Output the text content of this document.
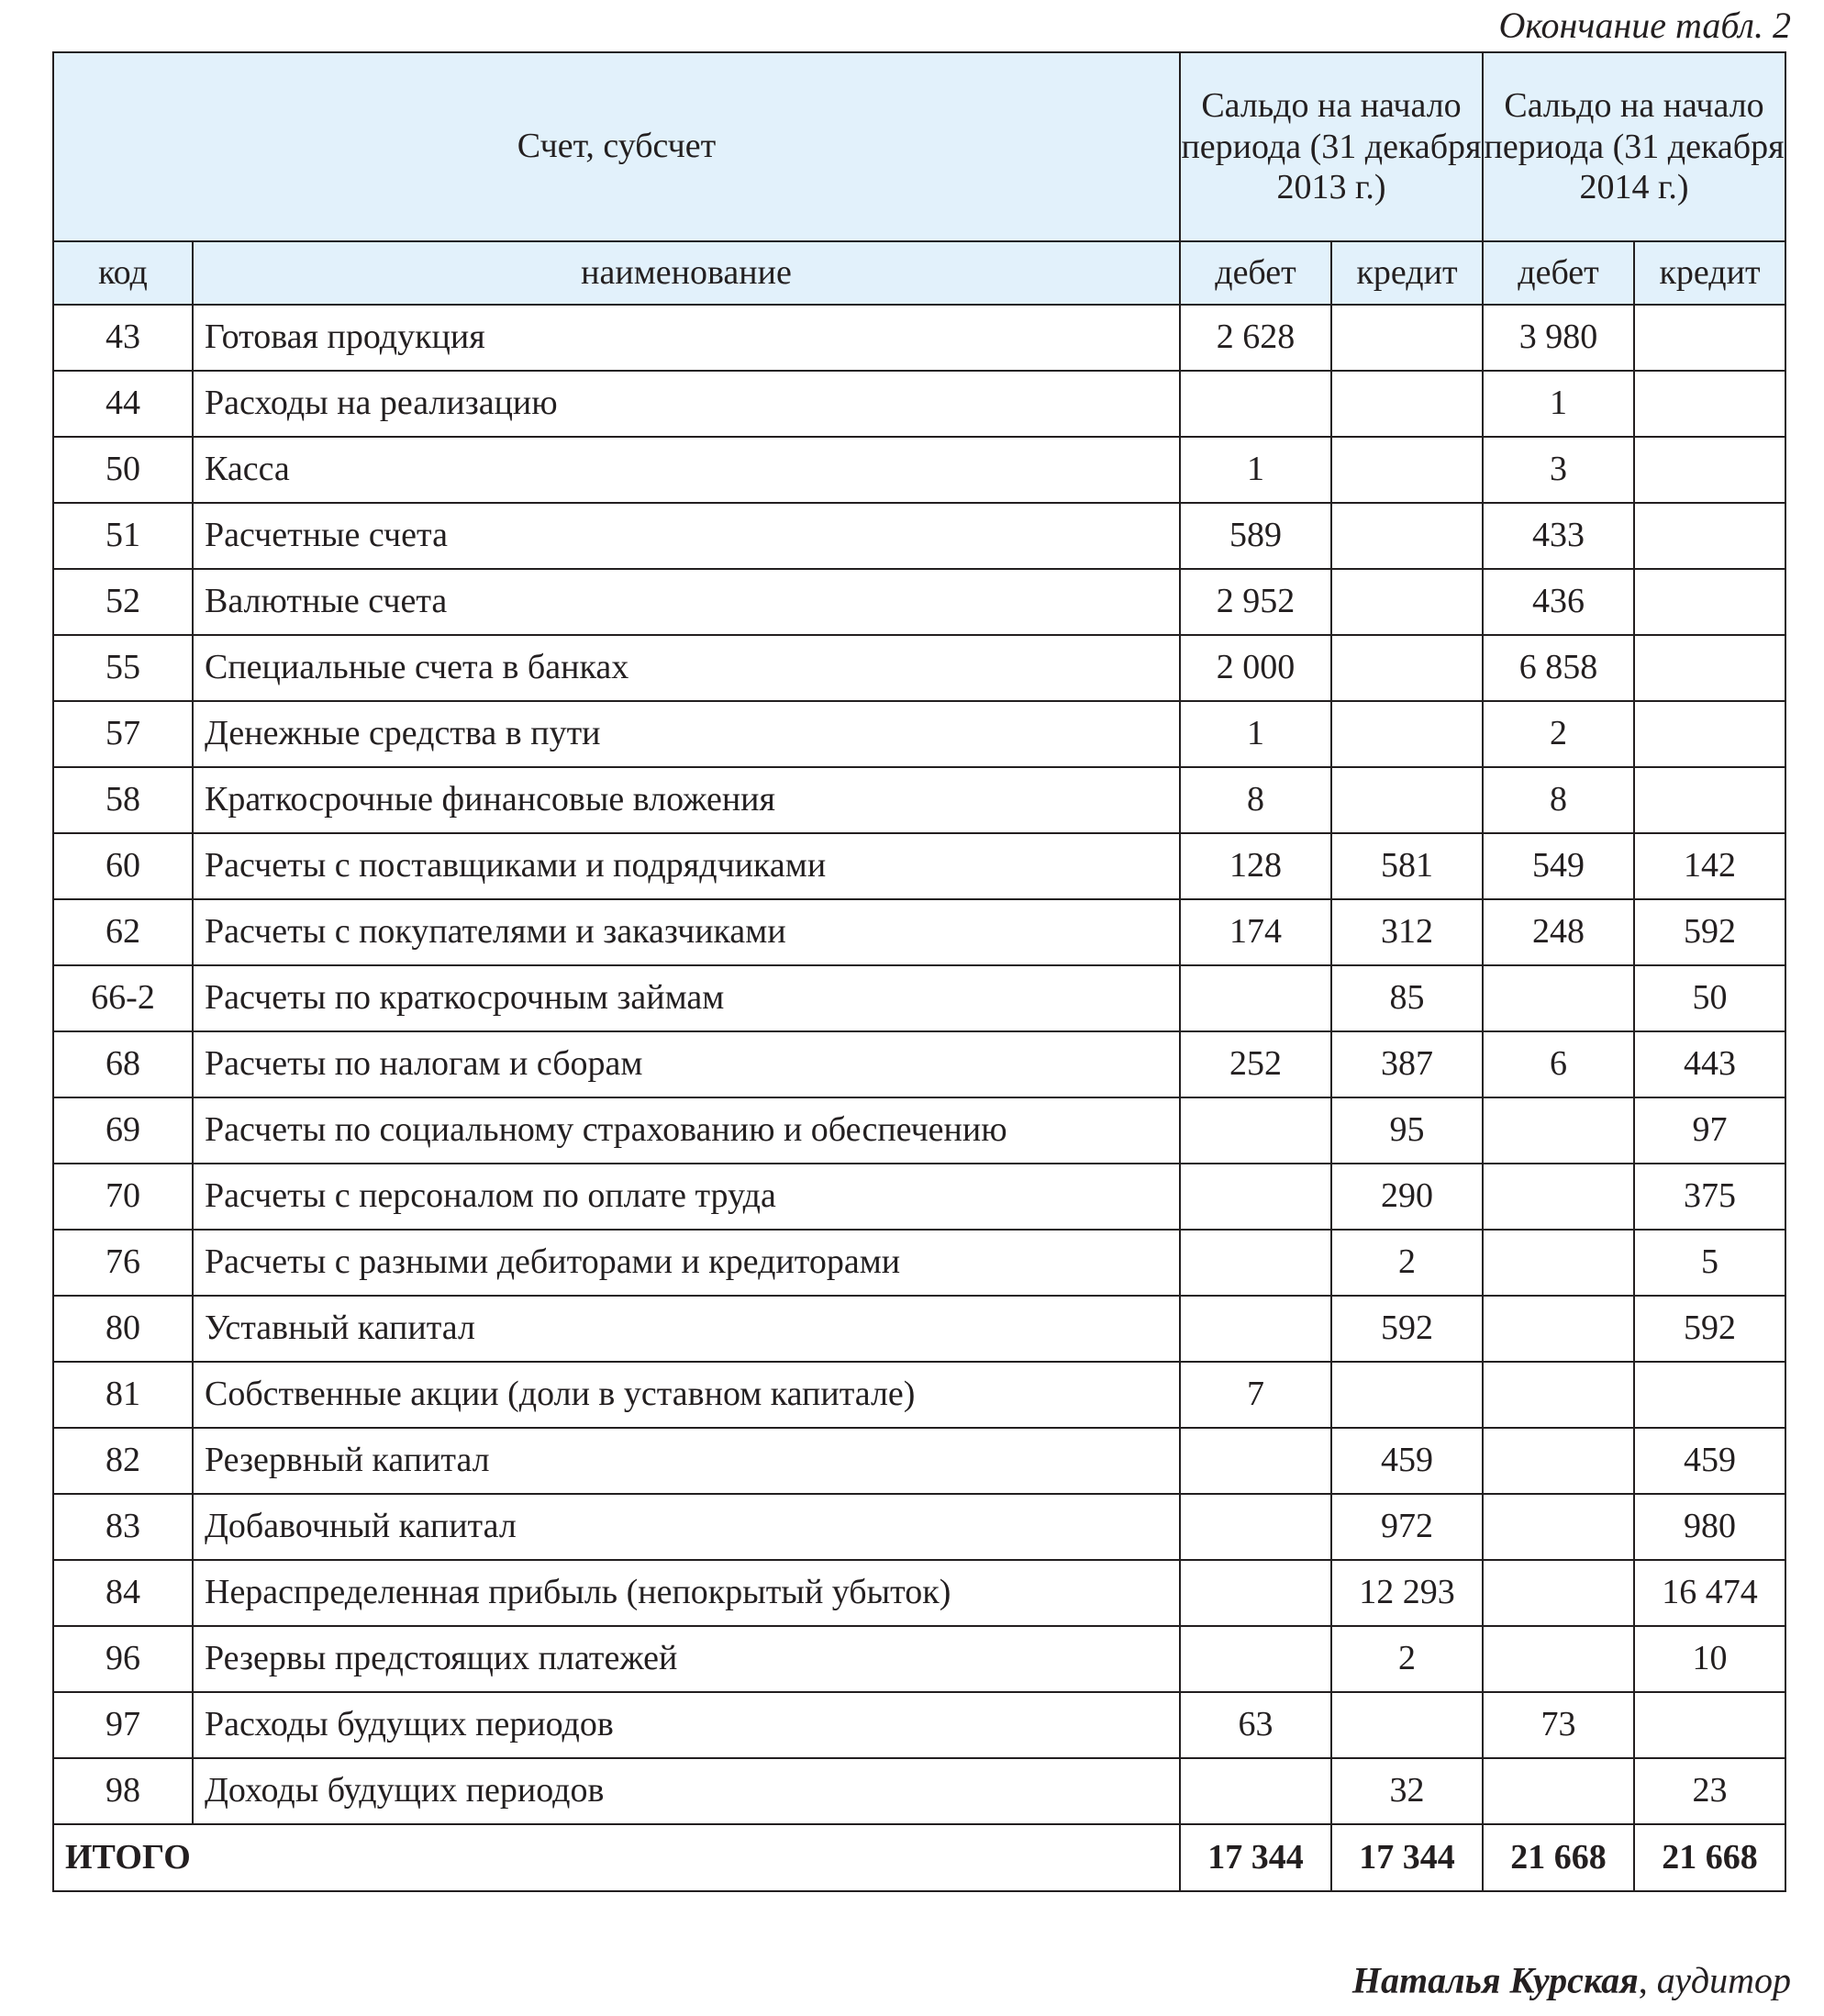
Окончание табл. 2
Счет, субсчет		Сальдо на начало периода (31 декабря 2013 г.)		Сальдо на начало периода (31 декабря 2014 г.)	
код	наименование	дебет	кредит	дебет	кредит
43	Готовая продукция	2 628		3 980	
44	Расходы на реализацию			1	
50	Касса	1		3	
51	Расчетные счета	589		433	
52	Валютные счета	2 952		436	
55	Специальные счета в банках	2 000		6 858	
57	Денежные средства в пути	1		2	
58	Краткосрочные финансовые вложения	8		8	
60	Расчеты с поставщиками и подрядчиками	128	581	549	142
62	Расчеты с покупателями и заказчиками	174	312	248	592
66-2	Расчеты по краткосрочным займам		85		50
68	Расчеты по налогам и сборам	252	387	6	443
69	Расчеты по социальному страхованию и обеспечению		95		97
70	Расчеты с персоналом по оплате труда		290		375
76	Расчеты с разными дебиторами и кредиторами		2		5
80	Уставный капитал		592		592
81	Собственные акции (доли в уставном капитале)	7			
82	Резервный капитал		459		459
83	Добавочный капитал		972		980
84	Нераспределенная прибыль (непокрытый убыток)		12 293		16 474
96	Резервы предстоящих платежей		2		10
97	Расходы будущих периодов	63		73	
98	Доходы будущих периодов		32		23
ИТОГО		17 344	17 344	21 668	21 668
Наталья Курская, аудитор
